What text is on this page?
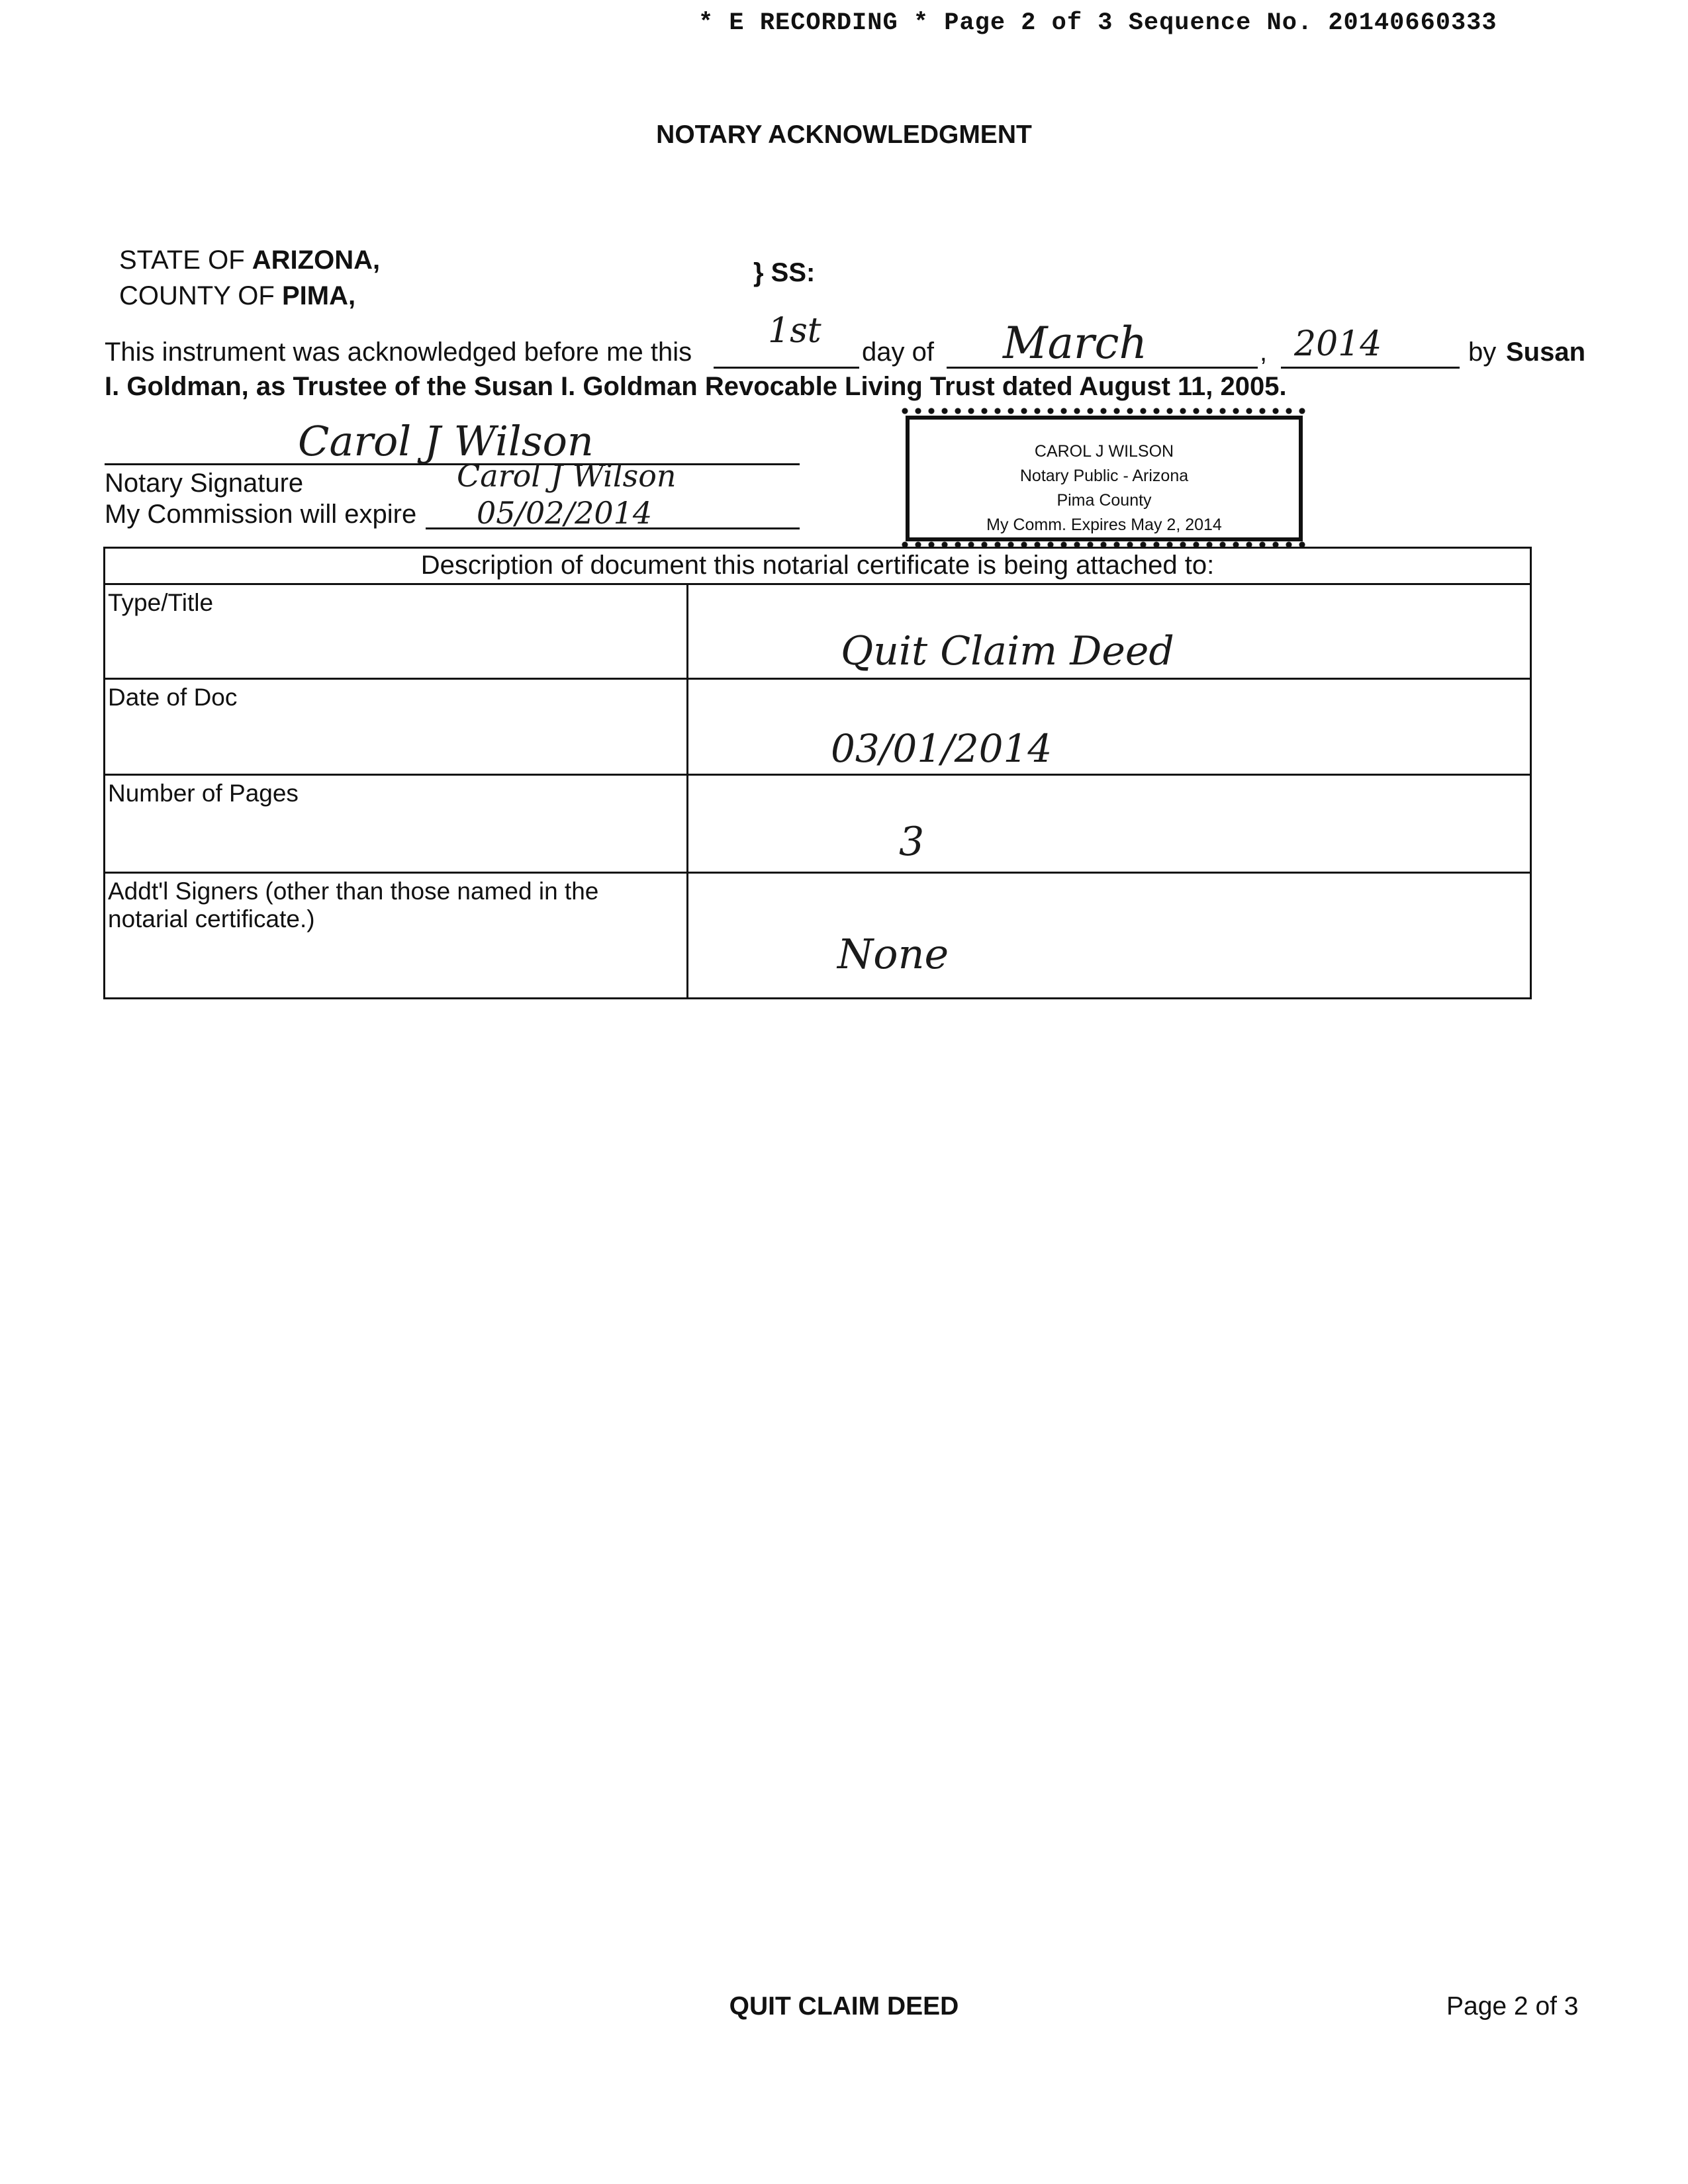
* E RECORDING * Page 2 of 3 Sequence No. 20140660333
NOTARY ACKNOWLEDGMENT
STATE OF ARIZONA,
COUNTY OF PIMA,
} SS:
This instrument was acknowledged before me this
1st
day of March	, 2014	by Susan
I. Goldman, as Trustee of the Susan I. Goldman Revocable Living Trust dated August 11, 2005.
Carol J Wilson
Notary Signature	Carol J Wilson
My Commission will expire 05/02/2014
CAROL J WILSON
Notary Public - Arizona
Pima County
My Comm. Expires May 2, 2014
Description of document this notarial certificate is being attached to:	
Type/Title	Quit Claim Deed

Date of Doc	03/01/2014

Number of Pages	3

Addt'l Signers (other than those named in the notarial certificate.)	None
QUIT CLAIM DEED	Page 2 of 3
